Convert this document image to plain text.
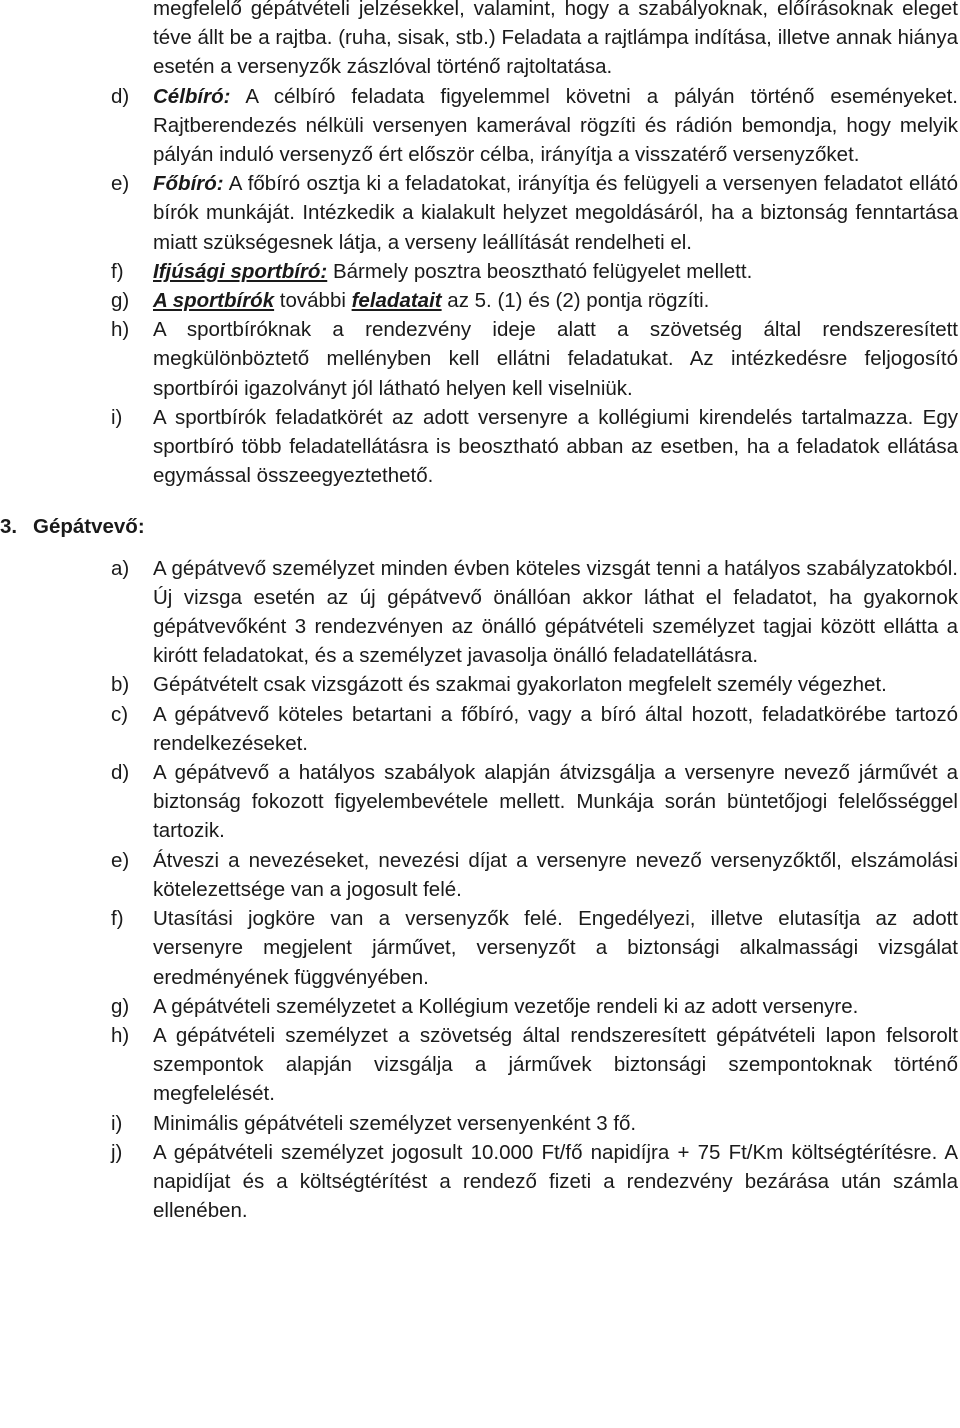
megfelelő gépátvételi jelzésekkel, valamint, hogy a szabályoknak, előírásoknak eleget téve állt be a rajtba. (ruha, sisak, stb.) Feladata a rajtlámpa indítása, illetve annak hiánya esetén a versenyzők zászlóval történő rajtoltatása.
d) Célbíró: A célbíró feladata figyelemmel követni a pályán történő eseményeket. Rajtberendezés nélküli versenyen kamerával rögzíti és rádión bemondja, hogy melyik pályán induló versenyző ért először célba, irányítja a visszatérő versenyzőket.
e) Főbíró: A főbíró osztja ki a feladatokat, irányítja és felügyeli a versenyen feladatot ellátó bírók munkáját. Intézkedik a kialakult helyzet megoldásáról, ha a biztonság fenntartása miatt szükségesnek látja, a verseny leállítását rendelheti el.
f) Ifjúsági sportbíró: Bármely posztra beosztható felügyelet mellett.
g) A sportbírók további feladatait az 5. (1) és (2) pontja rögzíti.
h) A sportbíróknak a rendezvény ideje alatt a szövetség által rendszeresített megkülönböztető mellényben kell ellátni feladatukat. Az intézkedésre feljogosító sportbírói igazolványt jól látható helyen kell viselniük.
i) A sportbírók feladatkörét az adott versenyre a kollégiumi kirendelés tartalmazza. Egy sportbíró több feladatellátásra is beosztható abban az esetben, ha a feladatok ellátása egymással összeegyeztethető.
3. Gépátvevő:
a) A gépátvevő személyzet minden évben köteles vizsgát tenni a hatályos szabályzatokból. Új vizsga esetén az új gépátvevő önállóan akkor láthat el feladatot, ha gyakornok gépátvevőként 3 rendezvényen az önálló gépátvételi személyzet tagjai között ellátta a kirótt feladatokat, és a személyzet javasolja önálló feladatellátásra.
b) Gépátvételt csak vizsgázott és szakmai gyakorlaton megfelelt személy végezhet.
c) A gépátvevő köteles betartani a főbíró, vagy a bíró által hozott, feladatkörébe tartozó rendelkezéseket.
d) A gépátvevő a hatályos szabályok alapján átvizsgálja a versenyre nevező járművét a biztonság fokozott figyelembevétele mellett. Munkája során büntetőjogi felelősséggel tartozik.
e) Átveszi a nevezéseket, nevezési díjat a versenyre nevező versenyzőktől, elszámolási kötelezettsége van a jogosult felé.
f) Utasítási jogköre van a versenyzők felé. Engedélyezi, illetve elutasítja az adott versenyre megjelent járművet, versenyzőt a biztonsági alkalmassági vizsgálat eredményének függvényében.
g) A gépátvételi személyzetet a Kollégium vezetője rendeli ki az adott versenyre.
h) A gépátvételi személyzet a szövetség által rendszeresített gépátvételi lapon felsorolt szempontok alapján vizsgálja a járművek biztonsági szempontoknak történő megfelelését.
i) Minimális gépátvételi személyzet versenyenként 3 fő.
j) A gépátvételi személyzet jogosult 10.000 Ft/fő napidíjra + 75 Ft/Km költségtérítésre. A napidíjat és a költségtérítést a rendező fizeti a rendezvény bezárása után számla ellenében.
